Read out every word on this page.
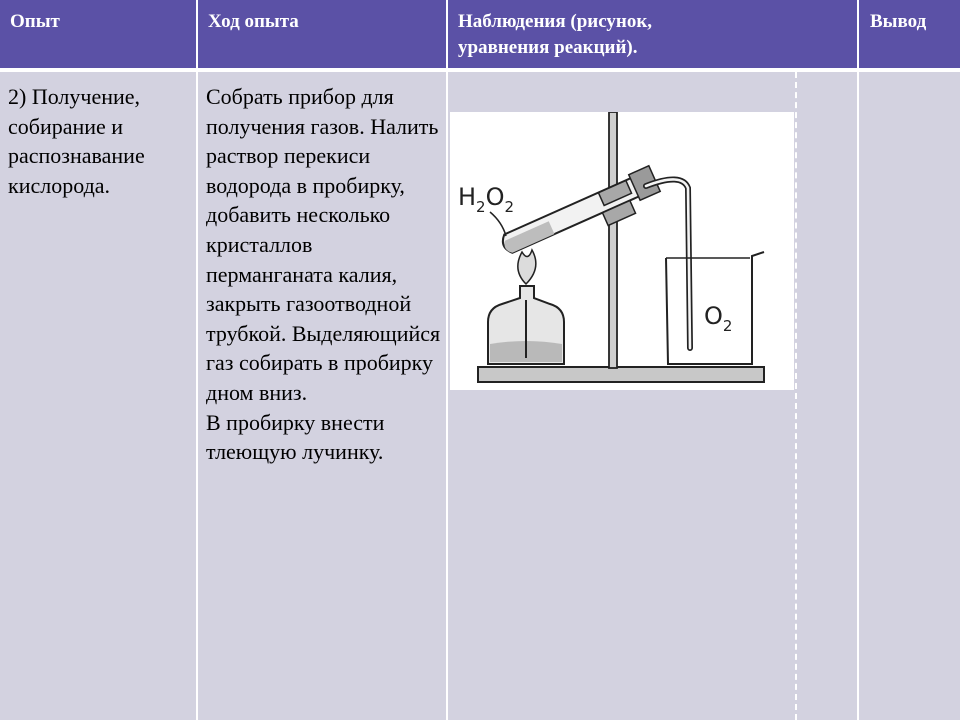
Опыт	Ход опыта	Наблюдения (рисунок,
уравнения реакций).
Вывод

2) Получение, собирание и распознавание кислорода.

Собрать прибор для получения газов. Налить раствор перекиси водорода в пробирку, добавить несколько кристаллов перманганата калия, закрыть газоотводной трубкой. Выделяющийся газ собирать в пробирку дном вниз.

В пробирку внести тлеющую лучинку.

$H_2O_2$
$O_2$
